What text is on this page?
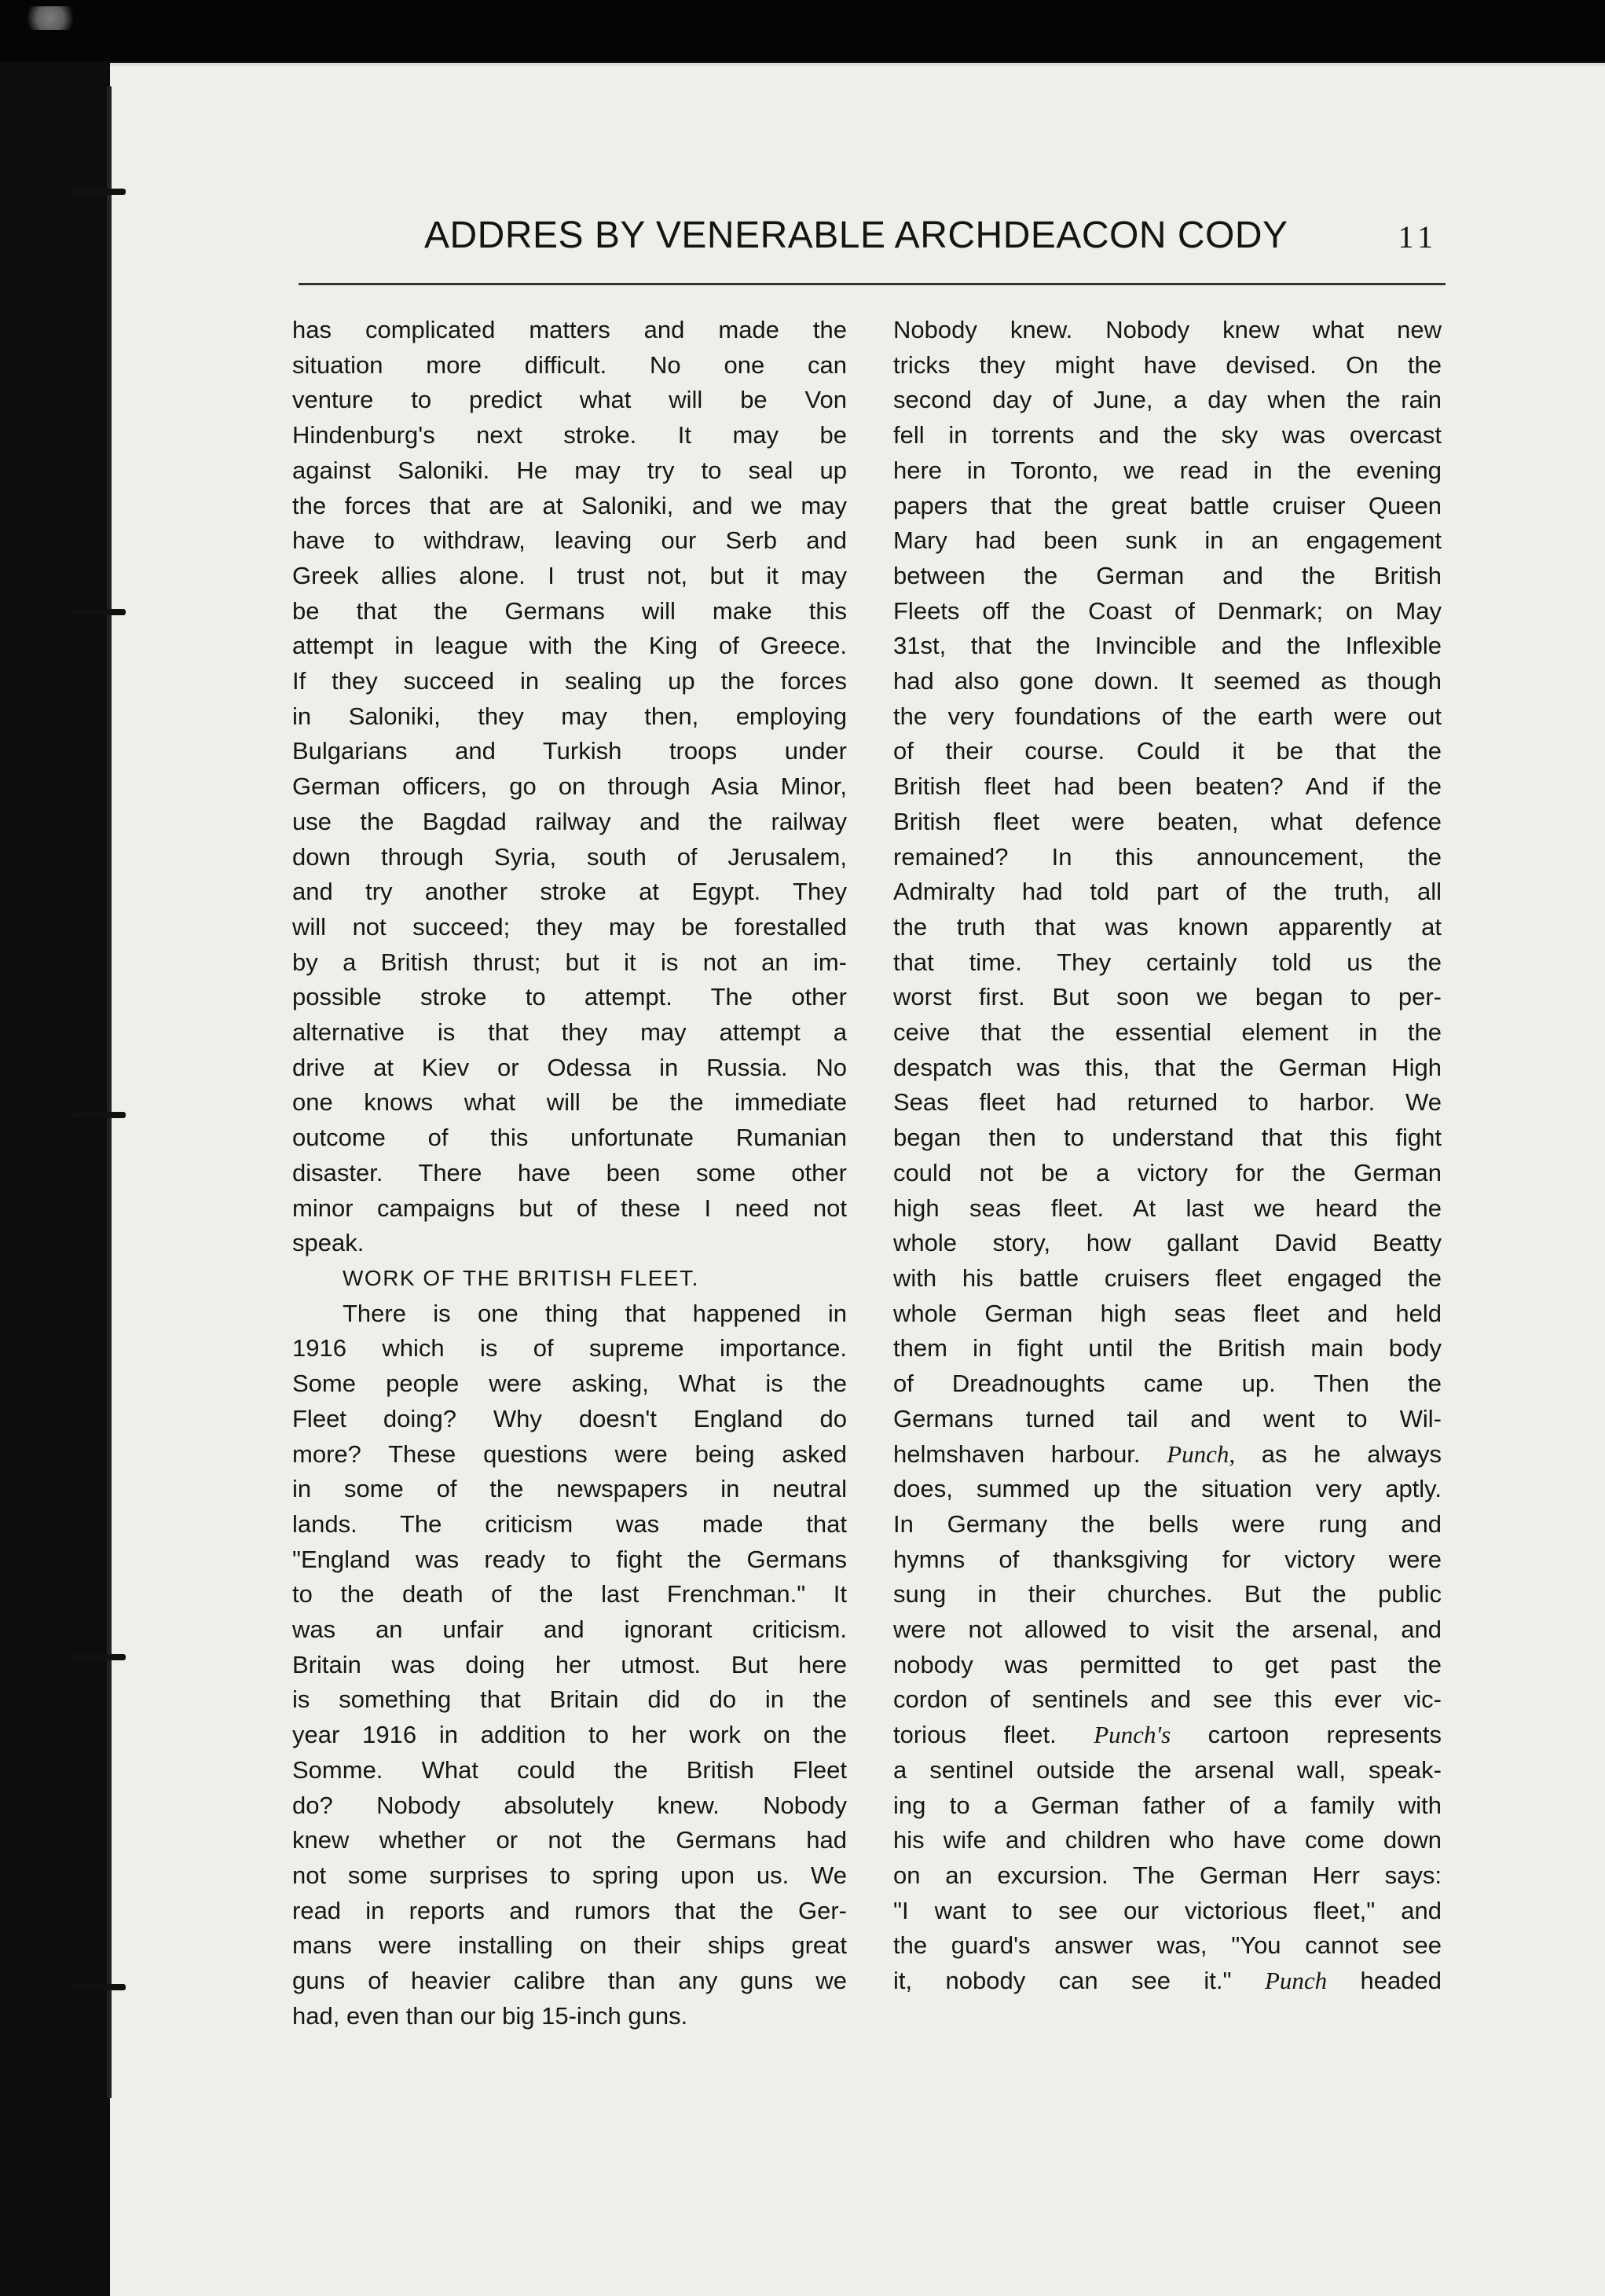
ADDRES BY VENERABLE ARCHDEACON CODY	11
has complicated matters and made the
situation more difficult. No one can
venture to predict what will be Von
Hindenburg's next stroke. It may be
against Saloniki. He may try to seal up
the forces that are at Saloniki, and we may
have to withdraw, leaving our Serb and
Greek allies alone. I trust not, but it may
be that the Germans will make this
attempt in league with the King of Greece.
If they succeed in sealing up the forces
in Saloniki, they may then, employing
Bulgarians and Turkish troops under
German officers, go on through Asia Minor,
use the Bagdad railway and the railway
down through Syria, south of Jerusalem,
and try another stroke at Egypt. They
will not succeed; they may be forestalled
by a British thrust; but it is not an im-
possible stroke to attempt. The other
alternative is that they may attempt a
drive at Kiev or Odessa in Russia. No
one knows what will be the immediate
outcome of this unfortunate Rumanian
disaster. There have been some other
minor campaigns but of these I need not
speak.
WORK OF THE BRITISH FLEET.
There is one thing that happened in
1916 which is of supreme importance.
Some people were asking, What is the
Fleet doing? Why doesn't England do
more? These questions were being asked
in some of the newspapers in neutral
lands. The criticism was made that
"England was ready to fight the Germans
to the death of the last Frenchman." It
was an unfair and ignorant criticism.
Britain was doing her utmost. But here
is something that Britain did do in the
year 1916 in addition to her work on the
Somme. What could the British Fleet
do? Nobody absolutely knew. Nobody
knew whether or not the Germans had
not some surprises to spring upon us. We
read in reports and rumors that the Ger-
mans were installing on their ships great
guns of heavier calibre than any guns we
had, even than our big 15-inch guns.
Nobody knew. Nobody knew what new
tricks they might have devised. On the
second day of June, a day when the rain
fell in torrents and the sky was overcast
here in Toronto, we read in the evening
papers that the great battle cruiser Queen
Mary had been sunk in an engagement
between the German and the British
Fleets off the Coast of Denmark; on May
31st, that the Invincible and the Inflexible
had also gone down. It seemed as though
the very foundations of the earth were out
of their course. Could it be that the
British fleet had been beaten? And if the
British fleet were beaten, what defence
remained? In this announcement, the
Admiralty had told part of the truth, all
the truth that was known apparently at
that time. They certainly told us the
worst first. But soon we began to per-
ceive that the essential element in the
despatch was this, that the German High
Seas fleet had returned to harbor. We
began then to understand that this fight
could not be a victory for the German
high seas fleet. At last we heard the
whole story, how gallant David Beatty
with his battle cruisers fleet engaged the
whole German high seas fleet and held
them in fight until the British main body
of Dreadnoughts came up. Then the
Germans turned tail and went to Wil-
helmshaven harbour. Punch, as he always
does, summed up the situation very aptly.
In Germany the bells were rung and
hymns of thanksgiving for victory were
sung in their churches. But the public
were not allowed to visit the arsenal, and
nobody was permitted to get past the
cordon of sentinels and see this ever vic-
torious fleet. Punch's cartoon represents
a sentinel outside the arsenal wall, speak-
ing to a German father of a family with
his wife and children who have come down
on an excursion. The German Herr says:
"I want to see our victorious fleet," and
the guard's answer was, "You cannot see
it, nobody can see it." Punch headed
